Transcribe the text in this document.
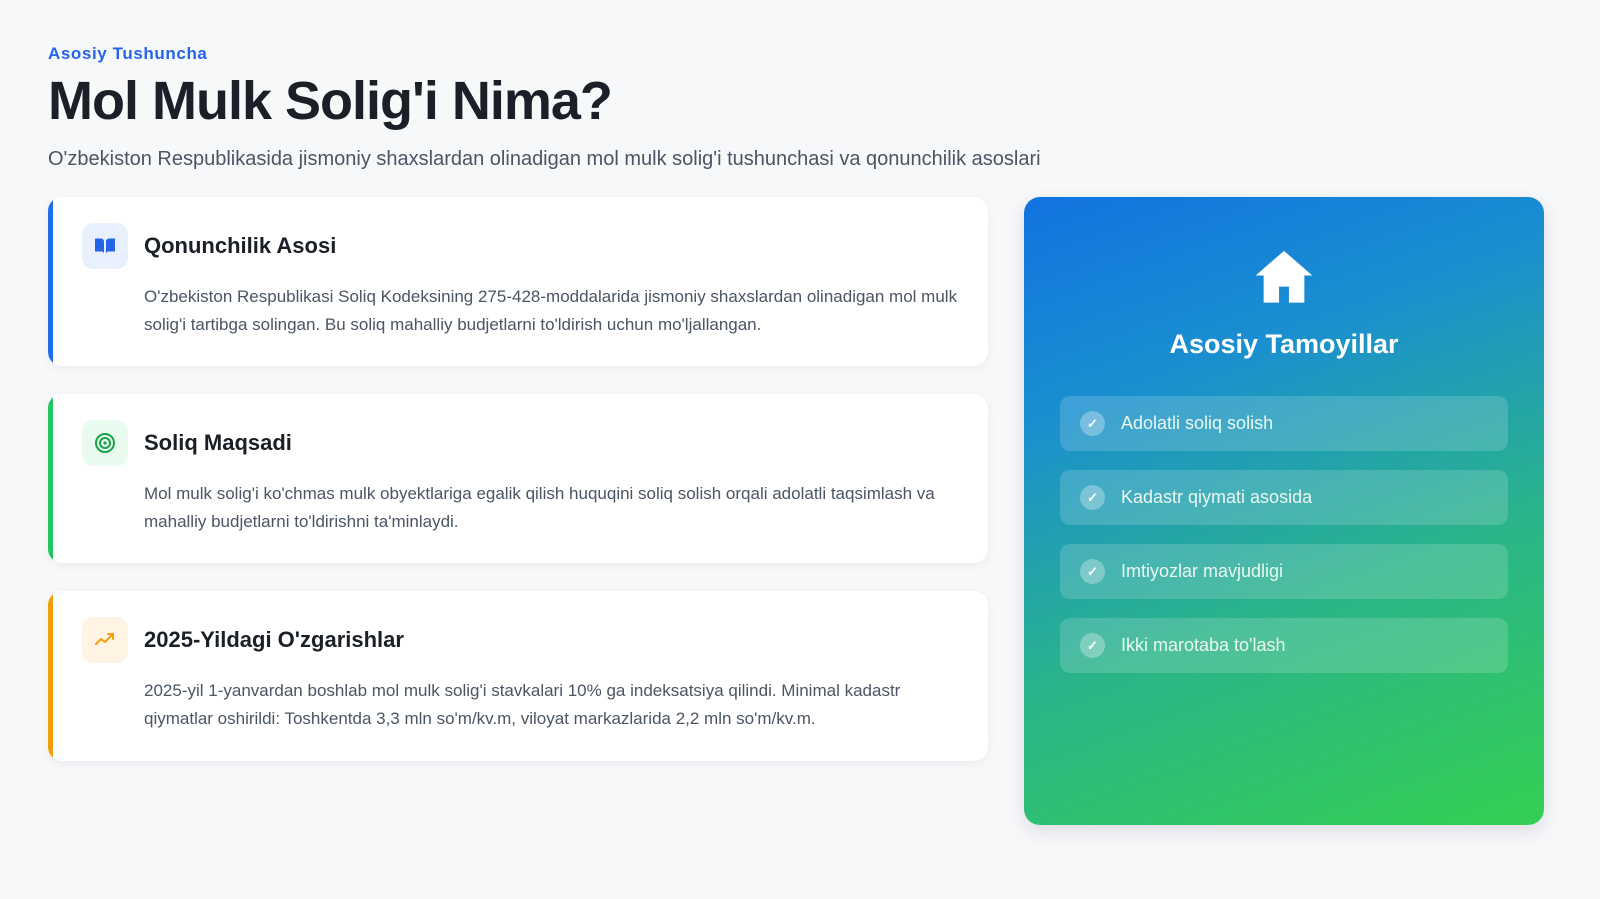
Asosiy Tushuncha
Mol Mulk Solig'i Nima?
O'zbekiston Respublikasida jismoniy shaxslardan olinadigan mol mulk solig'i tushunchasi va qonunchilik asoslari
Qonunchilik Asosi
O'zbekiston Respublikasi Soliq Kodeksining 275-428-moddalarida jismoniy shaxslardan olinadigan mol mulk solig'i tartibga solingan. Bu soliq mahalliy budjetlarni to'ldirish uchun mo'ljallangan.
Soliq Maqsadi
Mol mulk solig'i ko'chmas mulk obyektlariga egalik qilish huquqini soliq solish orqali adolatli taqsimlash va mahalliy budjetlarni to'ldirishni ta'minlaydi.
2025-Yildagi O'zgarishlar
2025-yil 1-yanvardan boshlab mol mulk solig'i stavkalari 10% ga indeksatsiya qilindi. Minimal kadastr qiymatlar oshirildi: Toshkentda 3,3 mln so'm/kv.m, viloyat markazlarida 2,2 mln so'm/kv.m.
Asosiy Tamoyillar
✓	Adolatli soliq solish
✓	Kadastr qiymati asosida
✓	Imtiyozlar mavjudligi
✓	Ikki marotaba to'lash
